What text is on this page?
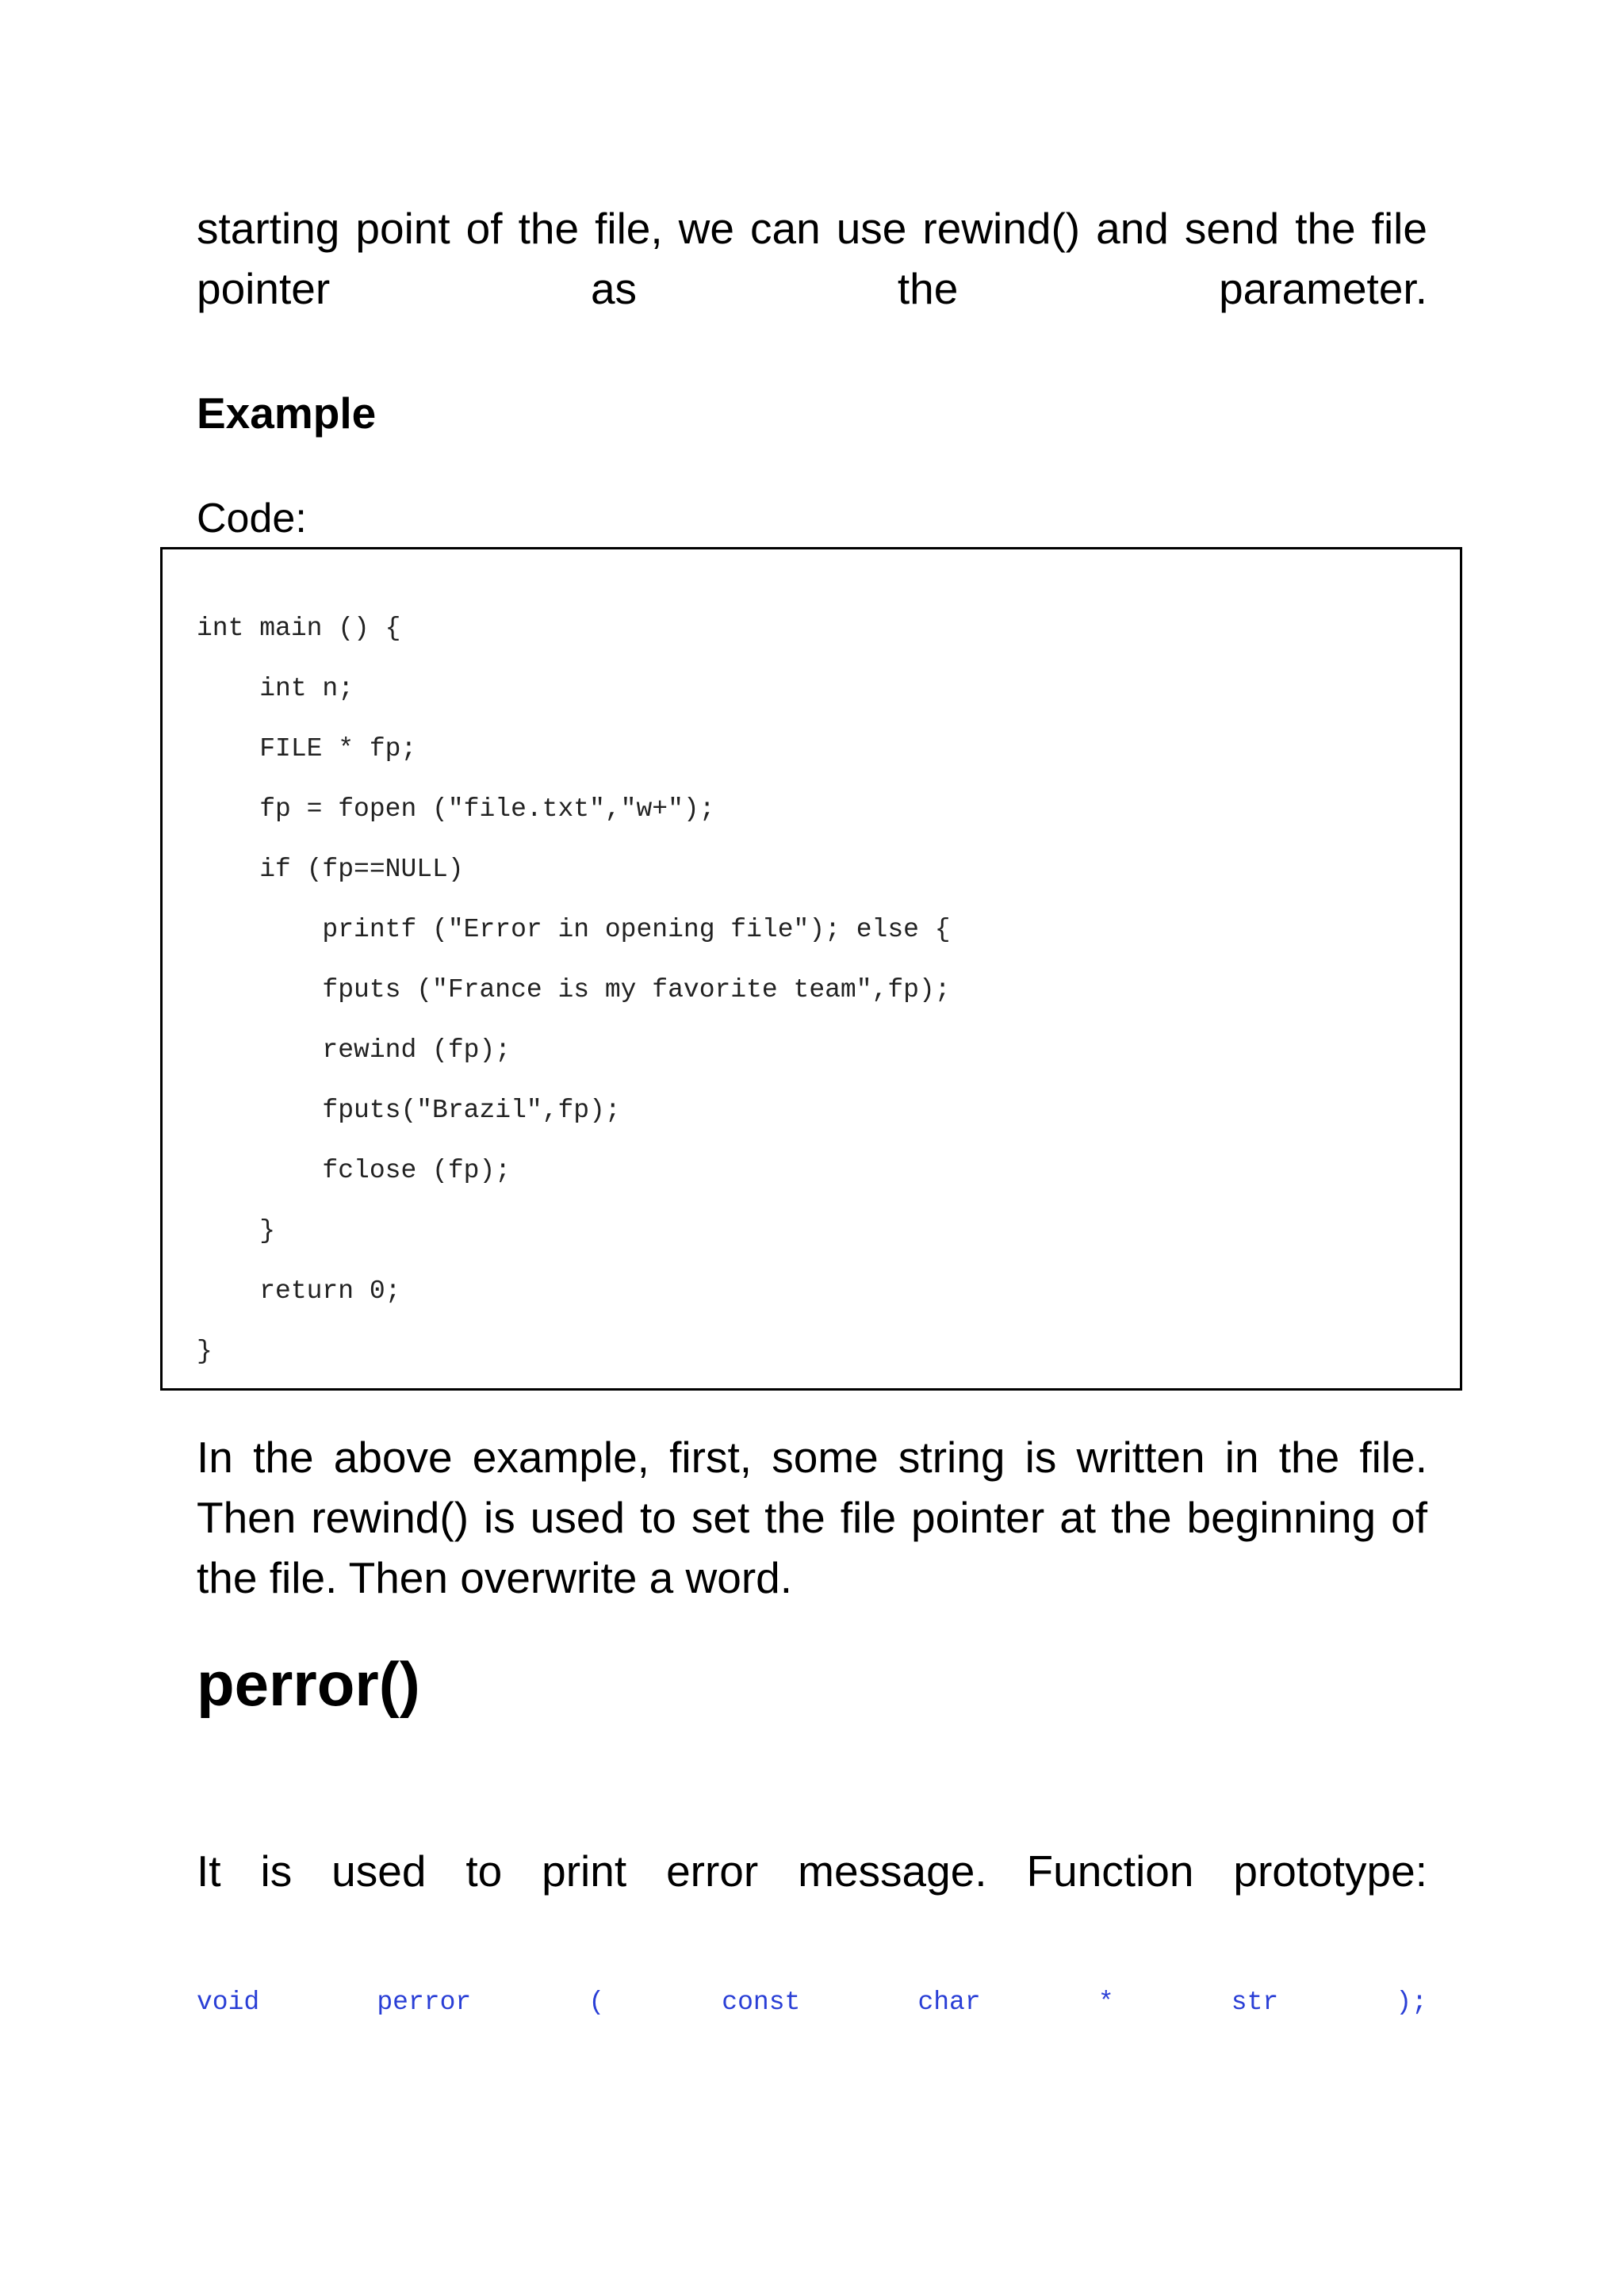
starting point of the file, we can use rewind() and send the file pointer as the parameter.

Example
Code:
int main () {
int n;
FILE * fp;
fp = fopen ("file.txt","w+");
if (fp==NULL)
printf ("Error in opening file"); else {
fputs ("France is my favorite team",fp);
rewind (fp);
fputs("Brazil",fp);
fclose (fp);
}
return 0;
}

In the above example, first, some string is written in the file. Then rewind() is used to set the file pointer at the beginning of the file. Then overwrite a word.

perror()

It is used to print error message. Function prototype:

void	perror	(	const	char	*	str	);
